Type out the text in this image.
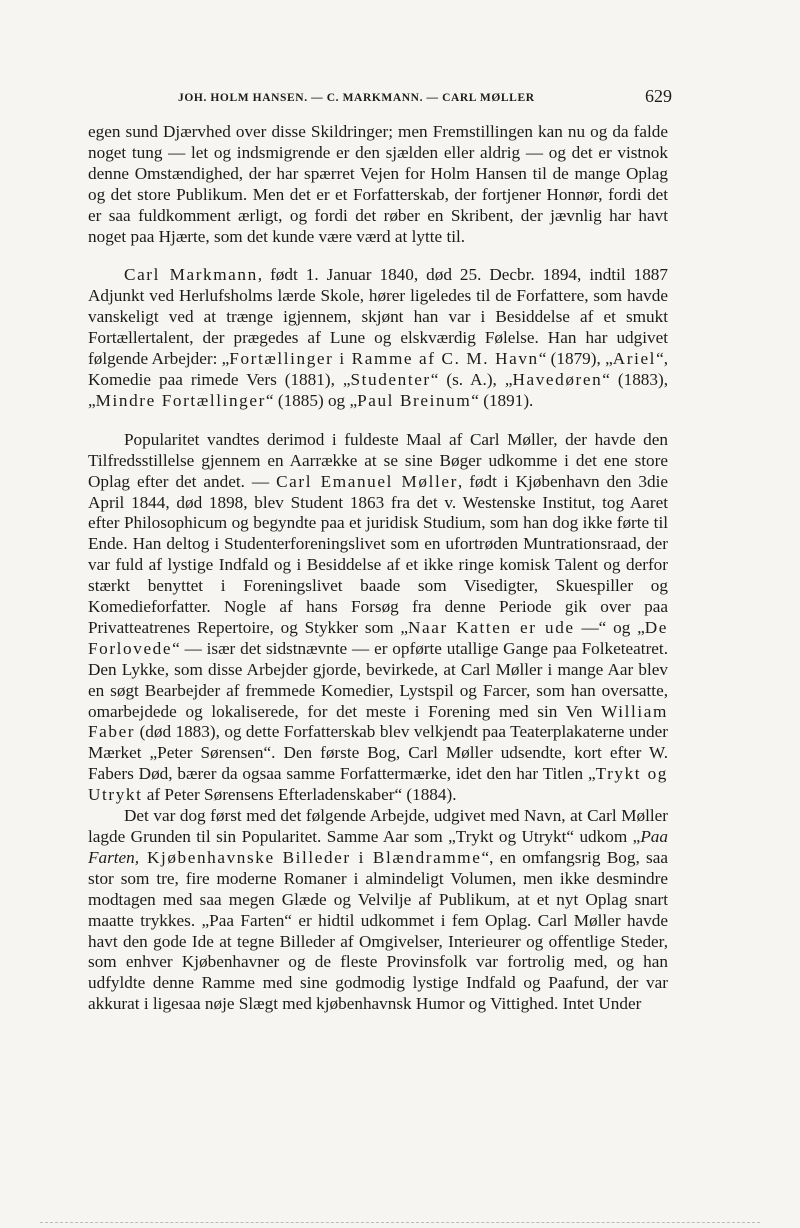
JOH. HOLM HANSEN. — C. MARKMANN. — CARL MØLLER	629

egen sund Djærvhed over disse Skildringer; men Fremstillingen kan nu og da falde noget tung — let og indsmigrende er den sjælden eller aldrig — og det er vistnok denne Omstændighed, der har spærret Vejen for Holm Hansen til de mange Oplag og det store Publikum. Men det er et Forfatterskab, der fortjener Honnør, fordi det er saa fuldkomment ærligt, og fordi det røber en Skribent, der jævnlig har havt noget paa Hjærte, som det kunde være værd at lytte til.

Carl Markmann, født 1. Januar 1840, død 25. Decbr. 1894, indtil 1887 Adjunkt ved Herlufsholms lærde Skole, hører ligeledes til de Forfattere, som havde vanskeligt ved at trænge igjennem, skjønt han var i Besiddelse af et smukt Fortællertalent, der prægedes af Lune og elskværdig Følelse. Han har udgivet følgende Arbejder: „Fortællinger i Ramme af C. M. Havn“ (1879), „Ariel“, Komedie paa rimede Vers (1881), „Studenter“ (s. A.), „Havedøren“ (1883), „Mindre Fortællinger“ (1885) og „Paul Breinum“ (1891).

Popularitet vandtes derimod i fuldeste Maal af Carl Møller, der havde den Tilfredsstillelse gjennem en Aarrække at se sine Bøger udkomme i det ene store Oplag efter det andet. — Carl Emanuel Møller, født i Kjøbenhavn den 3die April 1844, død 1898, blev Student 1863 fra det v. Westenske Institut, tog Aaret efter Philosophicum og begyndte paa et juridisk Studium, som han dog ikke førte til Ende. Han deltog i Studenterforeningslivet som en ufortrøden Muntrationsraad, der var fuld af lystige Indfald og i Besiddelse af et ikke ringe komisk Talent og derfor stærkt benyttet i Foreningslivet baade som Visedigter, Skuespiller og Komedieforfatter. Nogle af hans Forsøg fra denne Periode gik over paa Privatteatrenes Repertoire, og Stykker som „Naar Katten er ude —“ og „De Forlovede“ — især det sidstnævnte — er opførte utallige Gange paa Folketeatret. Den Lykke, som disse Arbejder gjorde, bevirkede, at Carl Møller i mange Aar blev en søgt Bearbejder af fremmede Komedier, Lystspil og Farcer, som han oversatte, omarbejdede og lokaliserede, for det meste i Forening med sin Ven William Faber (død 1883), og dette Forfatterskab blev velkjendt paa Teaterplakaterne under Mærket „Peter Sørensen“. Den første Bog, Carl Møller udsendte, kort efter W. Fabers Død, bærer da ogsaa samme Forfattermærke, idet den har Titlen „Trykt og Utrykt af Peter Sørensens Efterladenskaber“ (1884).

Det var dog først med det følgende Arbejde, udgivet med Navn, at Carl Møller lagde Grunden til sin Popularitet. Samme Aar som „Trykt og Utrykt“ udkom „Paa Farten, Kjøbenhavnske Billeder i Blændramme“, en omfangsrig Bog, saa stor som tre, fire moderne Romaner i almindeligt Volumen, men ikke desmindre modtagen med saa megen Glæde og Velvilje af Publikum, at et nyt Oplag snart maatte trykkes. „Paa Farten“ er hidtil udkommet i fem Oplag. Carl Møller havde havt den gode Ide at tegne Billeder af Omgivelser, Interieurer og offentlige Steder, som enhver Kjøbenhavner og de fleste Provinsfolk var fortrolig med, og han udfyldte denne Ramme med sine godmodig lystige Indfald og Paafund, der var akkurat i ligesaa nøje Slægt med kjøbenhavnsk Humor og Vittighed. Intet Under
